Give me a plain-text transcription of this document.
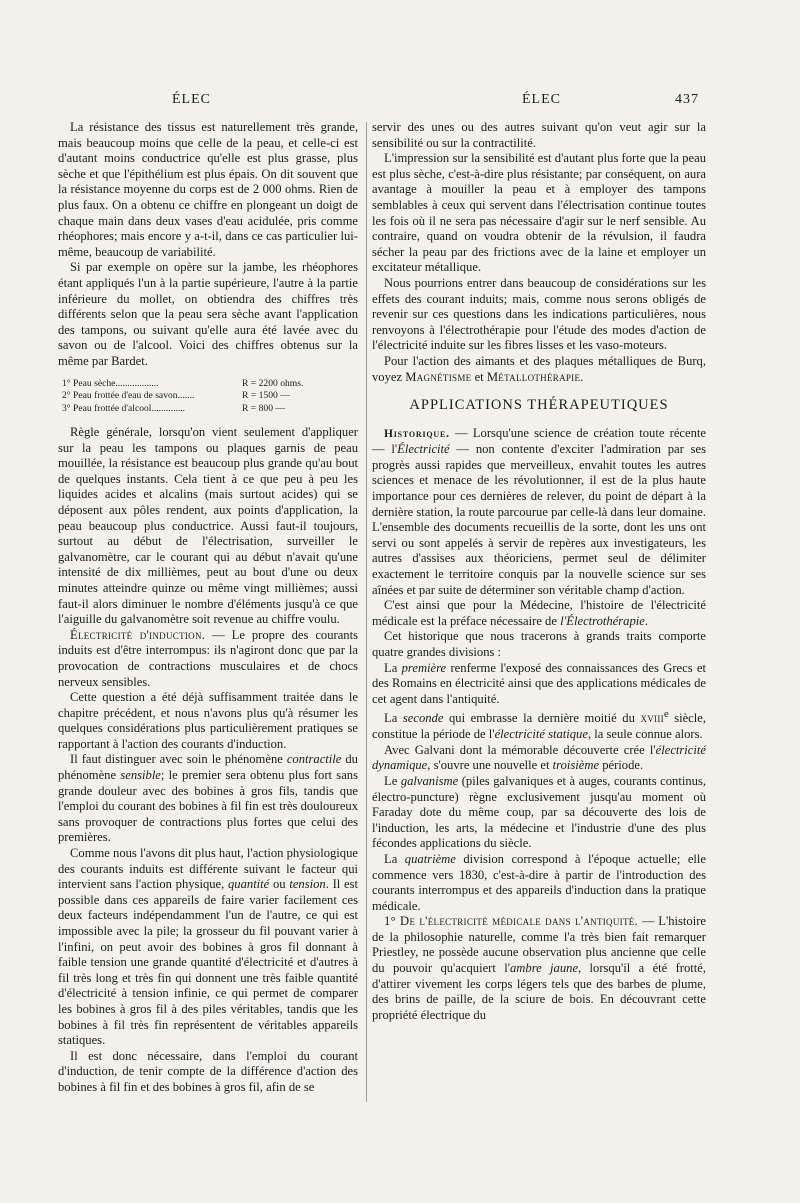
ÉLEC	ÉLEC	437

La résistance des tissus est naturellement très grande, mais beaucoup moins que celle de la peau, et celle-ci est d'autant moins conductrice qu'elle est plus grasse, plus sèche et que l'épithélium est plus épais. On dit souvent que la résistance moyenne du corps est de 2 000 ohms. Rien de plus faux. On a obtenu ce chiffre en plongeant un doigt de chaque main dans deux vases d'eau acidulée, pris comme rhéophores; mais encore y a-t-il, dans ce cas particulier lui-même, beaucoup de variabilité.

Si par exemple on opère sur la jambe, les rhéophores étant appliqués l'un à la partie supérieure, l'autre à la partie inférieure du mollet, on obtiendra des chiffres très différents selon que la peau sera sèche avant l'application des tampons, ou suivant qu'elle aura été lavée avec du savon ou de l'alcool. Voici des chiffres obtenus sur la même par Bardet.

1° Peau sèche..................	R = 2200 ohms.
2° Peau frottée d'eau de savon.......	R = 1500 —
3° Peau frottée d'alcool..............	R = 800 —

Règle générale, lorsqu'on vient seulement d'appliquer sur la peau les tampons ou plaques garnis de peau mouillée, la résistance est beaucoup plus grande qu'au bout de quelques instants. Cela tient à ce que peu à peu les liquides acides et alcalins (mais surtout acides) qui se déposent aux pôles rendent, aux points d'application, la peau beaucoup plus conductrice. Aussi faut-il toujours, surtout au début de l'électrisation, surveiller le galvanomètre, car le courant qui au début n'avait qu'une intensité de dix millièmes, peut au bout d'une ou deux minutes atteindre quinze ou même vingt millièmes; aussi faut-il alors diminuer le nombre d'éléments jusqu'à ce que l'aiguille du galvanomètre soit revenue au chiffre voulu.

Électricité d'induction. — Le propre des courants induits est d'être interrompus: ils n'agiront donc que par la provocation de contractions musculaires et de chocs nerveux sensibles.

Cette question a été déjà suffisamment traitée dans le chapitre précédent, et nous n'avons plus qu'à résumer les quelques considérations plus particulièrement pratiques se rapportant à l'action des courants d'induction.

Il faut distinguer avec soin le phénomène contractile du phénomène sensible; le premier sera obtenu plus fort sans grande douleur avec des bobines à gros fils, tandis que l'emploi du courant des bobines à fil fin est très douloureux sans provoquer de contractions plus fortes que celui des premières.

Comme nous l'avons dit plus haut, l'action physiologique des courants induits est différente suivant le facteur qui intervient sans l'action physique, quantité ou tension. Il est possible dans ces appareils de faire varier facilement ces deux facteurs indépendamment l'un de l'autre, ce qui est impossible avec la pile; la grosseur du fil pouvant varier à l'infini, on peut avoir des bobines à gros fil donnant à faible tension une grande quantité d'électricité et d'autres à fil très long et très fin qui donnent une très faible quantité d'électricité à tension infinie, ce qui permet de comparer les bobines à gros fil à des piles véritables, tandis que les bobines à fil très fin représentent de véritables appareils statiques.

Il est donc nécessaire, dans l'emploi du courant d'induction, de tenir compte de la différence d'action des bobines à fil fin et des bobines à gros fil, afin de se

servir des unes ou des autres suivant qu'on veut agir sur la sensibilité ou sur la contractilité.

L'impression sur la sensibilité est d'autant plus forte que la peau est plus sèche, c'est-à-dire plus résistante; par conséquent, on aura avantage à mouiller la peau et à employer des tampons semblables à ceux qui servent dans l'électrisation continue toutes les fois où il ne sera pas nécessaire d'agir sur le nerf sensible. Au contraire, quand on voudra obtenir de la révulsion, il faudra sécher la peau par des frictions avec de la laine et employer un excitateur métallique.

Nous pourrions entrer dans beaucoup de considérations sur les effets des courant induits; mais, comme nous serons obligés de revenir sur ces questions dans les indications particulières, nous renvoyons à l'électrothérapie pour l'étude des modes d'action de l'électricité induite sur les fibres lisses et les vaso-moteurs.

Pour l'action des aimants et des plaques métalliques de Burq, voyez Magnétisme et Métallothérapie.

APPLICATIONS THÉRAPEUTIQUES

Historique. — Lorsqu'une science de création toute récente — l'Électricité — non contente d'exciter l'admiration par ses progrès aussi rapides que merveilleux, envahit toutes les autres sciences et menace de les révolutionner, il est de la plus haute importance pour ces dernières de relever, du point de départ à la dernière station, la route parcourue par celle-là dans leur domaine. L'ensemble des documents recueillis de la sorte, dont les uns ont servi ou sont appelés à servir de repères aux investigateurs, les autres d'assises aux théoriciens, permet seul de délimiter exactement le territoire conquis par la nouvelle science sur ses aînées et par suite de déterminer son véritable champ d'action.

C'est ainsi que pour la Médecine, l'histoire de l'électricité médicale est la préface nécessaire de l'Électrothérapie.

Cet historique que nous tracerons à grands traits comporte quatre grandes divisions :

La première renferme l'exposé des connaissances des Grecs et des Romains en électricité ainsi que des applications médicales de cet agent dans l'antiquité.

La seconde qui embrasse la dernière moitié du xviii$^e$ siècle, constitue la période de l'électricité statique, la seule connue alors.

Avec Galvani dont la mémorable découverte crée l'électricité dynamique, s'ouvre une nouvelle et troisième période.

Le galvanisme (piles galvaniques et à auges, courants continus, électro-puncture) règne exclusivement jusqu'au moment où Faraday dote du même coup, par sa découverte des lois de l'induction, les arts, la médecine et l'industrie d'une des plus fécondes applications du siècle.

La quatrième division correspond à l'époque actuelle; elle commence vers 1830, c'est-à-dire à partir de l'introduction des courants interrompus et des appareils d'induction dans la pratique médicale.

1° De l'électricité médicale dans l'antiquité. — L'histoire de la philosophie naturelle, comme l'a très bien fait remarquer Priestley, ne possède aucune observation plus ancienne que celle du pouvoir qu'acquiert l'ambre jaune, lorsqu'il a été frotté, d'attirer vivement les corps légers tels que des barbes de plume, des brins de paille, de la sciure de bois. En découvrant cette propriété électrique du
